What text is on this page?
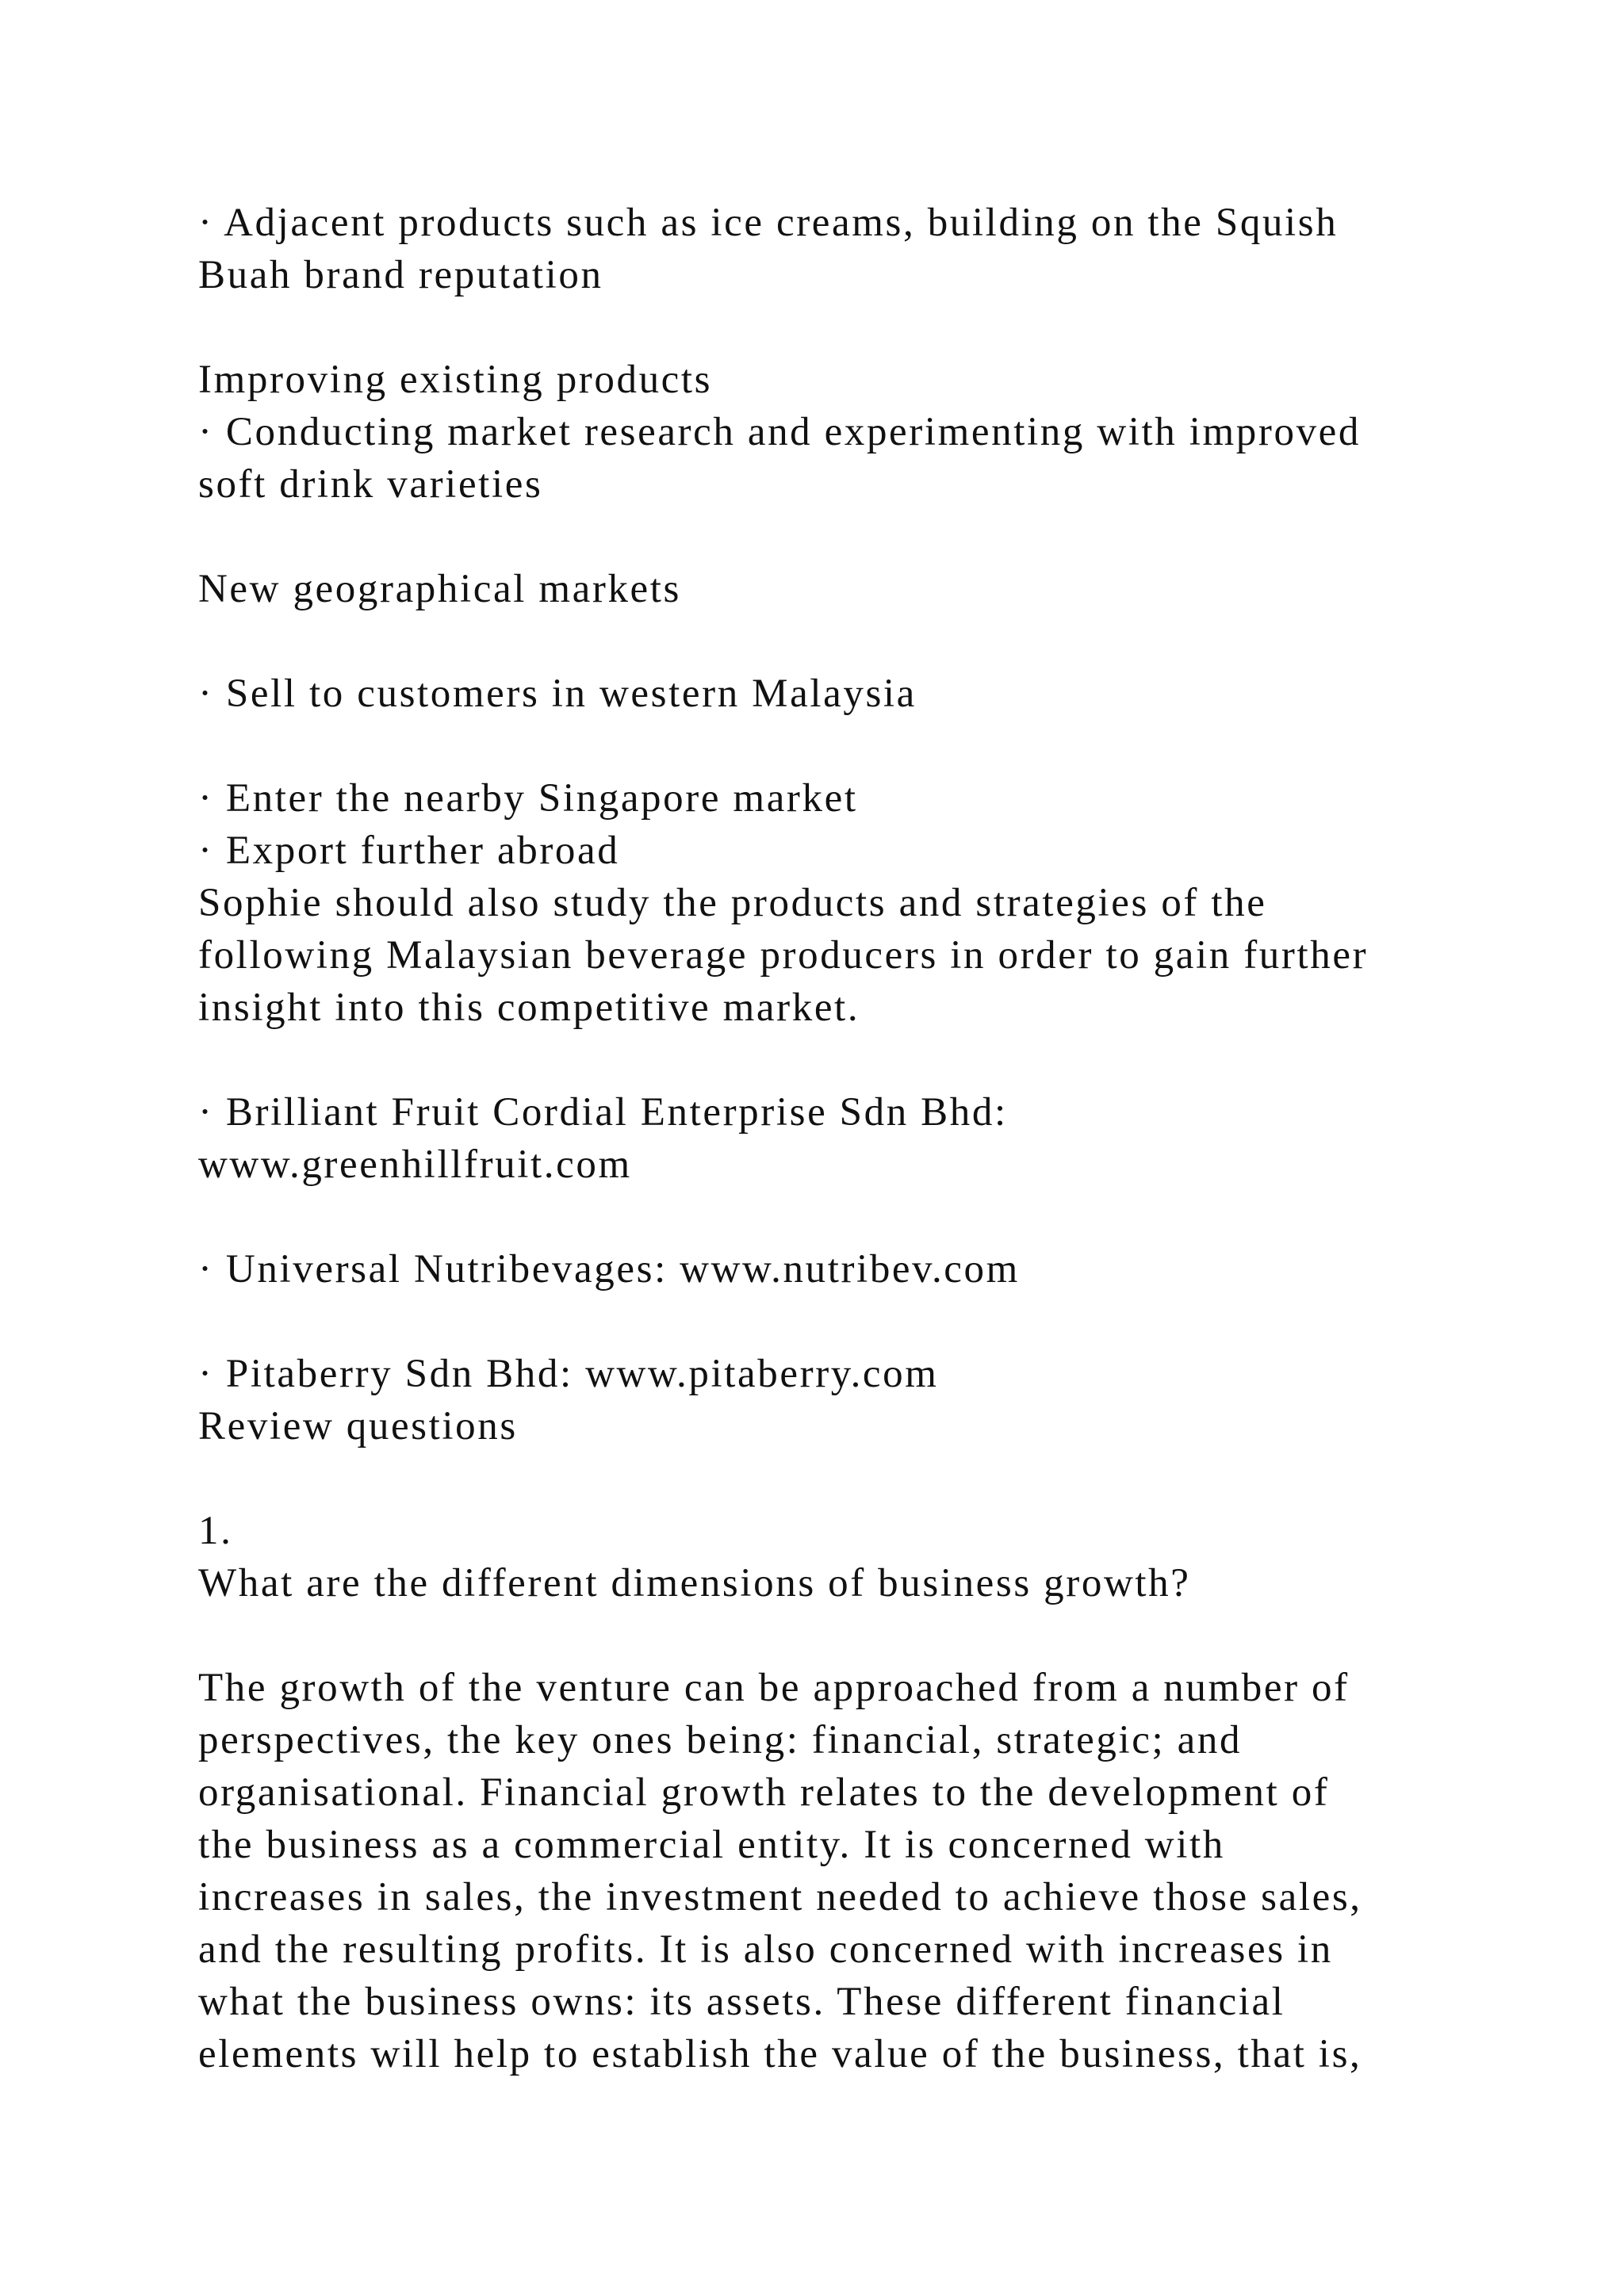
· Adjacent products such as ice creams, building on the Squish
Buah brand reputation
Improving existing products
· Conducting market research and experimenting with improved
soft drink varieties
New geographical markets
· Sell to customers in western Malaysia
· Enter the nearby Singapore market
· Export further abroad
Sophie should also study the products and strategies of the
following Malaysian beverage producers in order to gain further
insight into this competitive market.
· Brilliant Fruit Cordial Enterprise Sdn Bhd:
www.greenhillfruit.com
· Universal Nutribevages: www.nutribev.com
· Pitaberry Sdn Bhd: www.pitaberry.com
Review questions
1.
What are the different dimensions of business growth?
The growth of the venture can be approached from a number of
perspectives, the key ones being: financial, strategic; and
organisational. Financial growth relates to the development of
the business as a commercial entity. It is concerned with
increases in sales, the investment needed to achieve those sales,
and the resulting profits. It is also concerned with increases in
what the business owns: its assets. These different financial
elements will help to establish the value of the business, that is,
